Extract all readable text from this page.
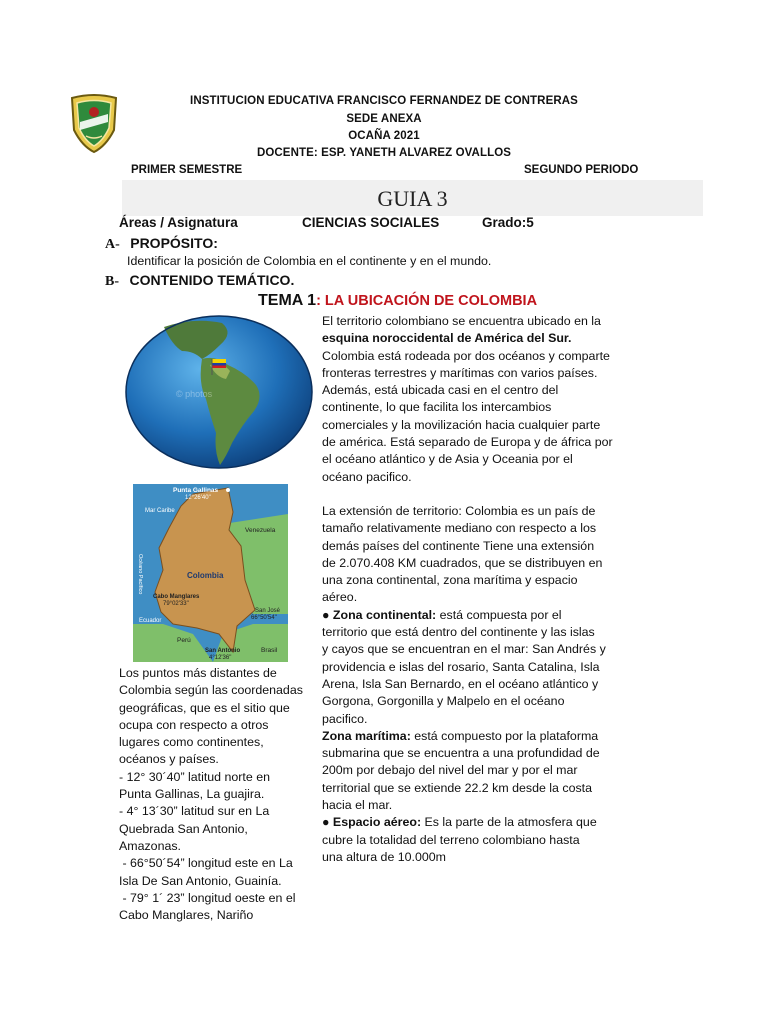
INSTITUCION EDUCATIVA FRANCISCO FERNANDEZ DE CONTRERAS
SEDE ANEXA
OCAÑA 2021
DOCENTE: ESP. YANETH ALVAREZ OVALLOS
PRIMER SEMESTRE	SEGUNDO PERIODO
GUIA 3
Áreas / Asignatura	CIENCIAS SOCIALES	Grado:5
A- PROPÓSITO:
Identificar la posición de Colombia en el continente y en el mundo.
B- CONTENIDO TEMÁTICO.
TEMA 1: LA UBICACIÓN DE COLOMBIA
© photos
Punta Gallinas
12°26'40"
Mar Caribe
Venezuela
Océano Pacífico	Colombia
Cabo Manglares
79°02'33"
San José
66°50'54"
Ecuador
Perú
Brasil
San Antonio
4°12'36"

El territorio colombiano se encuentra ubicado en la

esquina noroccidental de América del Sur.

Colombia está rodeada por dos océanos y comparte

fronteras terrestres y marítimas con varios países.

Además, está ubicada casi en el centro del

continente, lo que facilita los intercambios

comerciales y la movilización hacia cualquier parte

de américa. Está separado de Europa y de áfrica por

el océano atlántico y de Asia y Oceania por el

océano pacifico.

La extensión de territorio: Colombia es un país de

tamaño relativamente mediano con respecto a los

demás países del continente Tiene una extensión

de 2.070.408 KM cuadrados, que se distribuyen en

una zona continental, zona marítima y espacio

aéreo.

● Zona continental: está compuesta por el

territorio que está dentro del continente y las islas

y cayos que se encuentran en el mar: San Andrés y

providencia e islas del rosario, Santa Catalina, Isla

Arena, Isla San Bernardo, en el océano atlántico y

Gorgona, Gorgonilla y Malpelo en el océano

pacifico.

Zona marítima: está compuesto por la plataforma

submarina que se encuentra a una profundidad de

200m por debajo del nivel del mar y por el mar

territorial que se extiende 22.2 km desde la costa

hacia el mar.

● Espacio aéreo: Es la parte de la atmosfera que

cubre la totalidad del terreno colombiano hasta

una altura de 10.000m

Los puntos más distantes de

Colombia según las coordenadas

geográficas, que es el sitio que

ocupa con respecto a otros

lugares como continentes,

océanos y países.

- 12° 30´40” latitud norte en

Punta Gallinas, La guajira.

- 4° 13´30” latitud sur en La

Quebrada San Antonio,

Amazonas.

- 66°50´54” longitud este en La

Isla De San Antonio, Guainía.

- 79° 1´ 23” longitud oeste en el

Cabo Manglares, Nariño
